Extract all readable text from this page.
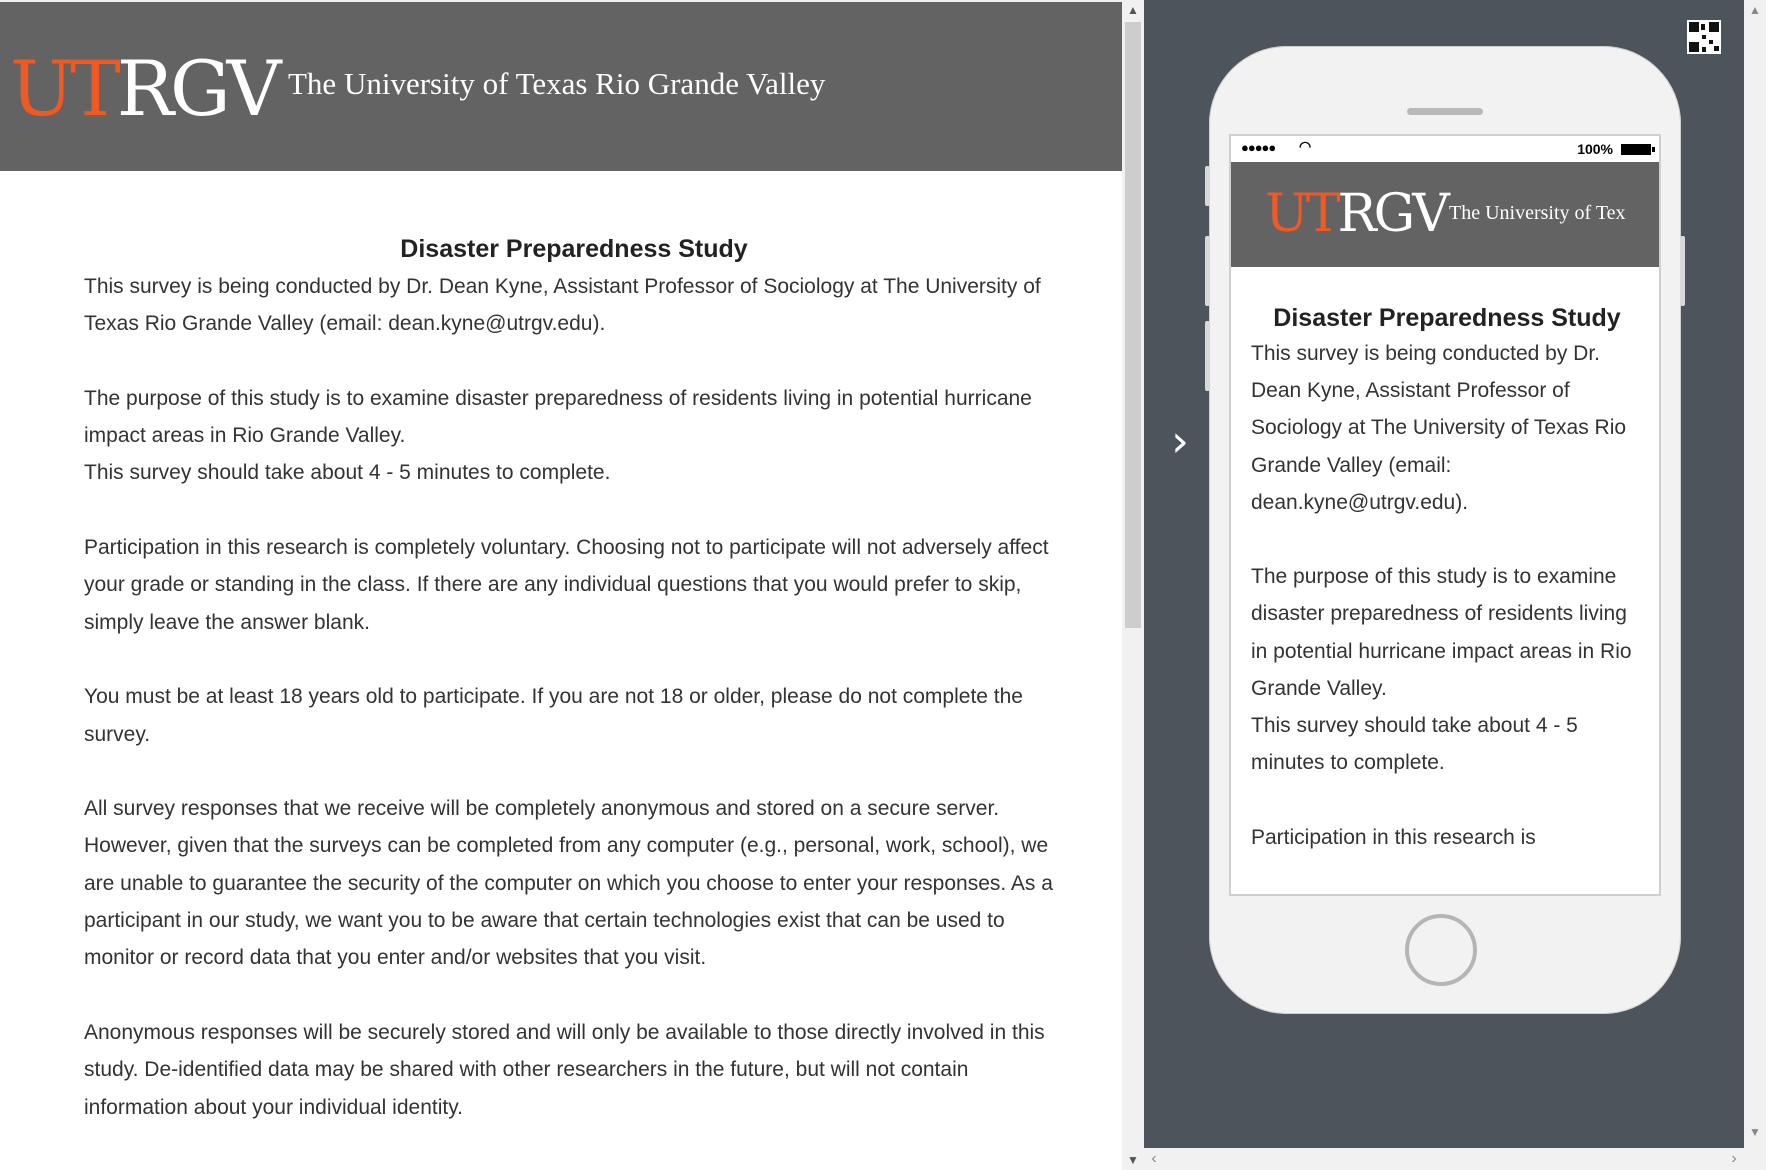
UTRGV The University of Texas Rio Grande Valley
Disaster Preparedness Study

This survey is being conducted by Dr. Dean Kyne, Assistant Professor of Sociology at The University of Texas Rio Grande Valley (email: dean.kyne@utrgv.edu).

The purpose of this study is to examine disaster preparedness of residents living in potential hurricane impact areas in Rio Grande Valley.

This survey should take about 4 - 5 minutes to complete.

Participation in this research is completely voluntary. Choosing not to participate will not adversely affect your grade or standing in the class. If there are any individual questions that you would prefer to skip, simply leave the answer blank.

You must be at least 18 years old to participate. If you are not 18 or older, please do not complete the survey.

All survey responses that we receive will be completely anonymous and stored on a secure server. However, given that the surveys can be completed from any computer (e.g., personal, work, school), we are unable to guarantee the security of the computer on which you choose to enter your responses. As a participant in our study, we want you to be aware that certain technologies exist that can be used to monitor or record data that you enter and/or websites that you visit.

Anonymous responses will be securely stored and will only be available to those directly involved in this study. De-identified data may be shared with other researchers in the future, but will not contain information about your individual identity.

▲
▼
›
●●●●● ◠	100%
UTRGV The University of Tex
Disaster Preparedness Study

This survey is being conducted by Dr. Dean Kyne, Assistant Professor of Sociology at The University of Texas Rio Grande Valley (email: dean.kyne@utrgv.edu).

The purpose of this study is to examine disaster preparedness of residents living in potential hurricane impact areas in Rio Grande Valley.

This survey should take about 4 - 5 minutes to complete.

Participation in this research is

‹	›
▲
▼
